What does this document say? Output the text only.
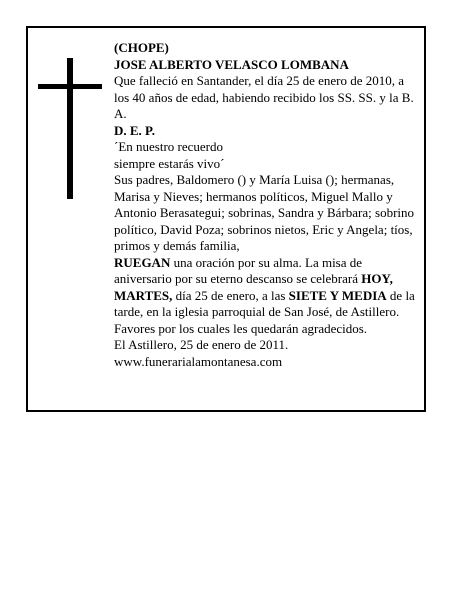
(CHOPE)

JOSE ALBERTO VELASCO LOMBANA

Que falleció en Santander, el día 25 de enero de 2010, a los 40 años de edad, habiendo recibido los SS. SS. y la B. A.

D. E. P.

´En nuestro recuerdo

siempre estarás vivo´

Sus padres, Baldomero () y María Luisa (); hermanas, Marisa y Nieves; hermanos políticos, Miguel Mallo y Antonio Berasategui; sobrinas, Sandra y Bárbara; sobrino político, David Poza; sobrinos nietos, Eric y Angela; tíos, primos y demás familia,

RUEGAN una oración por su alma. La misa de aniversario por su eterno descanso se celebrará HOY, MARTES, día 25 de enero, a las SIETE Y MEDIA de la tarde, en la iglesia parroquial de San José, de Astillero. Favores por los cuales les quedarán agradecidos.

El Astillero, 25 de enero de 2011.

www.funerarialamontanesa.com
